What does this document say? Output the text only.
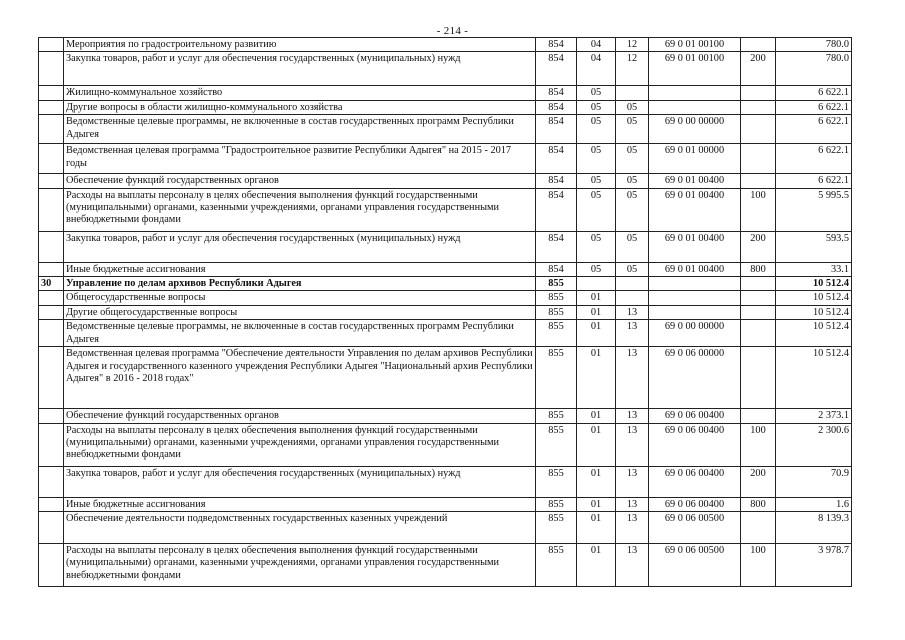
- 214 -
	Мероприятия по градостроительному развитию	854	04	12	69 0 01 00100		780.0
	Закупка товаров, работ и услуг для обеспечения государственных (муниципальных) нужд	854	04	12	69 0 01 00100	200	780.0
	Жилищно-коммунальное хозяйство	854	05				6 622.1
	Другие вопросы в области жилищно-коммунального хозяйства	854	05	05			6 622.1
	Ведомственные целевые программы, не включенные в состав государственных программ Республики Адыгея	854	05	05	69 0 00 00000		6 622.1
	Ведомственная целевая программа "Градостроительное развитие Республики Адыгея" на 2015 - 2017 годы	854	05	05	69 0 01 00000		6 622.1
	Обеспечение функций государственных органов	854	05	05	69 0 01 00400		6 622.1
	Расходы на выплаты персоналу в целях обеспечения выполнения функций государственными (муниципальными) органами, казенными учреждениями, органами управления государственными внебюджетными фондами	854	05	05	69 0 01 00400	100	5 995.5
	Закупка товаров, работ и услуг для обеспечения государственных (муниципальных) нужд	854	05	05	69 0 01 00400	200	593.5
	Иные бюджетные ассигнования	854	05	05	69 0 01 00400	800	33.1
30	Управление по делам архивов Республики Адыгея	855					10 512.4
	Общегосударственные вопросы	855	01				10 512.4
	Другие общегосударственные вопросы	855	01	13			10 512.4
	Ведомственные целевые программы, не включенные в состав государственных программ Республики Адыгея	855	01	13	69 0 00 00000		10 512.4
	Ведомственная целевая программа "Обеспечение деятельности Управления по делам архивов Республики Адыгея и государственного казенного учреждения Республики Адыгея "Национальный архив Республики Адыгея" в 2016 - 2018 годах"	855	01	13	69 0 06 00000		10 512.4
	Обеспечение функций государственных органов	855	01	13	69 0 06 00400		2 373.1
	Расходы на выплаты персоналу в целях обеспечения выполнения функций государственными (муниципальными) органами, казенными учреждениями, органами управления государственными внебюджетными фондами	855	01	13	69 0 06 00400	100	2 300.6
	Закупка товаров, работ и услуг для обеспечения государственных (муниципальных) нужд	855	01	13	69 0 06 00400	200	70.9
	Иные бюджетные ассигнования	855	01	13	69 0 06 00400	800	1.6
	Обеспечение деятельности подведомственных государственных казенных учреждений	855	01	13	69 0 06 00500		8 139.3
	Расходы на выплаты персоналу в целях обеспечения выполнения функций государственными (муниципальными) органами, казенными учреждениями, органами управления государственными внебюджетными фондами	855	01	13	69 0 06 00500	100	3 978.7
